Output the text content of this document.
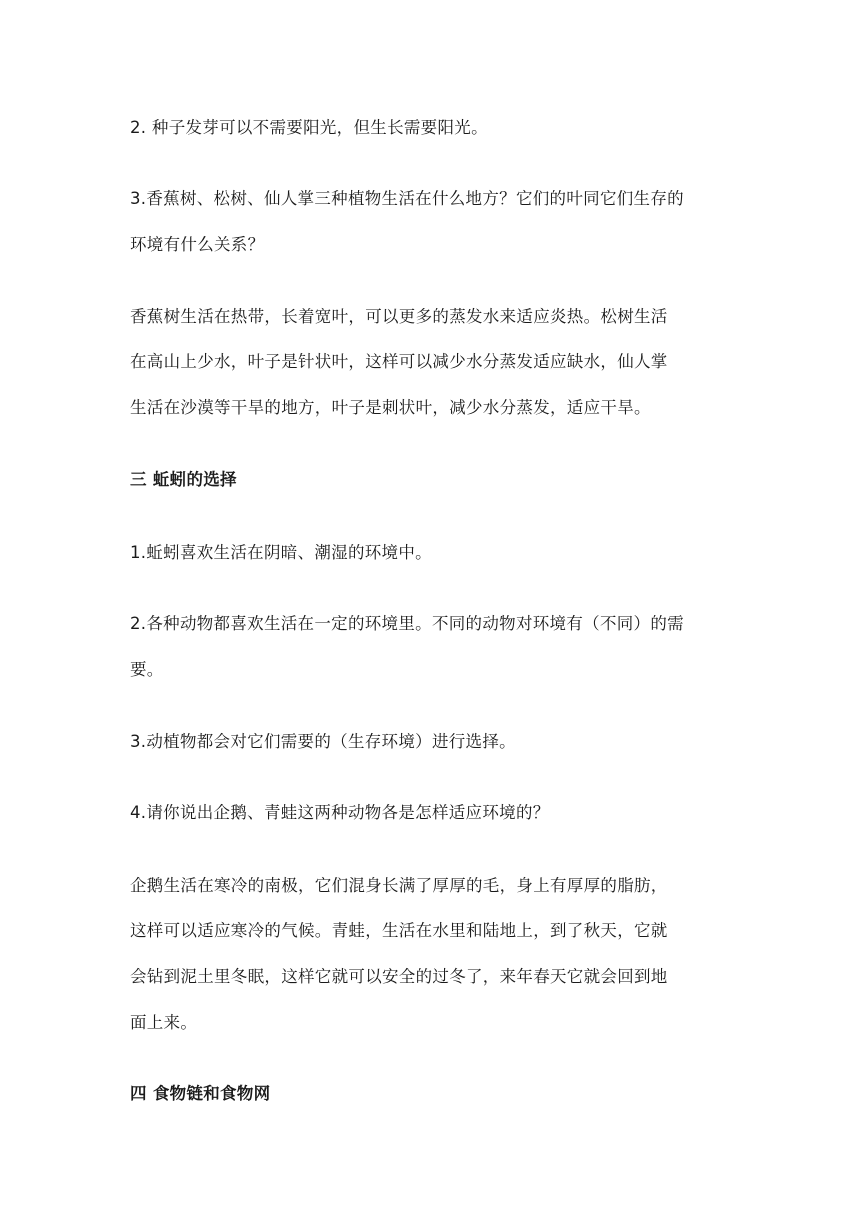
2. 种子发芽可以不需要阳光，但生长需要阳光。
3.香蕉树、松树、仙人掌三种植物生活在什么地方？它们的叶同它们生存的
环境有什么关系？
香蕉树生活在热带，长着宽叶，可以更多的蒸发水来适应炎热。松树生活
在高山上少水，叶子是针状叶，这样可以减少水分蒸发适应缺水，仙人掌
生活在沙漠等干旱的地方，叶子是刺状叶，减少水分蒸发，适应干旱。
三 蚯蚓的选择
1.蚯蚓喜欢生活在阴暗、潮湿的环境中。
2.各种动物都喜欢生活在一定的环境里。不同的动物对环境有（不同）的需
要。
3.动植物都会对它们需要的（生存环境）进行选择。
4.请你说出企鹅、青蛙这两种动物各是怎样适应环境的？
企鹅生活在寒冷的南极，它们混身长满了厚厚的毛，身上有厚厚的脂肪，
这样可以适应寒冷的气候。青蛙，生活在水里和陆地上，到了秋天，它就
会钻到泥土里冬眠，这样它就可以安全的过冬了，来年春天它就会回到地
面上来。
四 食物链和食物网
